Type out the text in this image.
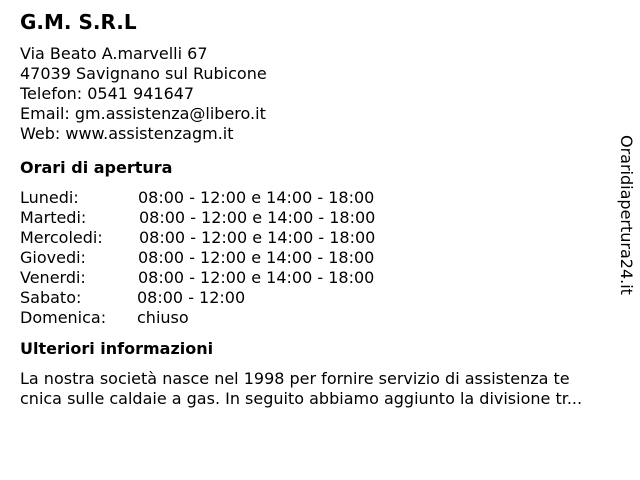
G.M. S.R.L
Via Beato A.marvelli 67
47039 Savignano sul Rubicone
Telefon: 0541 941647
Email: gm.assistenza@libero.it
Web: www.assistenzagm.it
Orari di apertura
Lunedi:	08:00 - 12:00 e 14:00 - 18:00
Martedi:	08:00 - 12:00 e 14:00 - 18:00
Mercoledi: 08:00 - 12:00 e 14:00 - 18:00
Giovedi:	08:00 - 12:00 e 14:00 - 18:00
Venerdi:	08:00 - 12:00 e 14:00 - 18:00
Sabato:	08:00 - 12:00
Domenica: chiuso
Ulteriori informazioni
La nostra società nasce nel 1998 per fornire servizio di assistenza te
cnica sulle caldaie a gas. In seguito abbiamo aggiunto la divisione tr...
Oraridiapertura24.it
